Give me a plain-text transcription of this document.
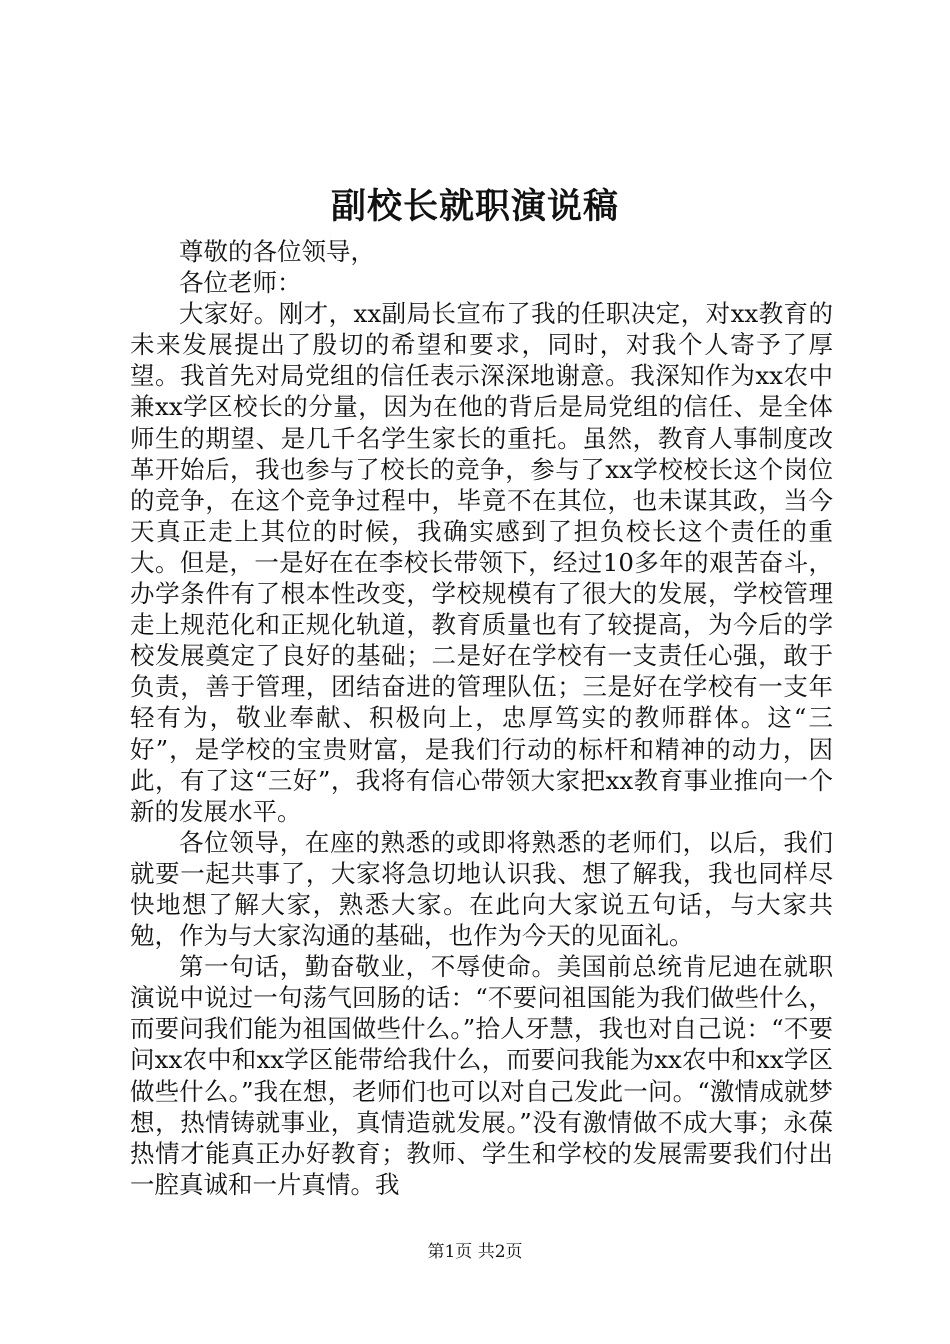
副校长就职演说稿

尊敬的各位领导，

各位老师：

大家好。刚才，xx副局长宣布了我的任职决定，对xx教育的未来发展提出了殷切的希望和要求，同时，对我个人寄予了厚望。我首先对局党组的信任表示深深地谢意。我深知作为xx农中兼xx学区校长的分量，因为在他的背后是局党组的信任、是全体师生的期望、是几千名学生家长的重托。虽然，教育人事制度改革开始后，我也参与了校长的竞争，参与了xx学校校长这个岗位的竞争，在这个竞争过程中，毕竟不在其位，也未谋其政，当今天真正走上其位的时候，我确实感到了担负校长这个责任的重大。但是，一是好在在李校长带领下，经过10多年的艰苦奋斗，办学条件有了根本性改变，学校规模有了很大的发展，学校管理走上规范化和正规化轨道，教育质量也有了较提高，为今后的学校发展奠定了良好的基础；二是好在学校有一支责任心强，敢于负责，善于管理，团结奋进的管理队伍；三是好在学校有一支年轻有为，敬业奉献、积极向上，忠厚笃实的教师群体。这“三好”，是学校的宝贵财富，是我们行动的标杆和精神的动力，因此，有了这“三好”，我将有信心带领大家把xx教育事业推向一个新的发展水平。

各位领导，在座的熟悉的或即将熟悉的老师们，以后，我们就要一起共事了，大家将急切地认识我、想了解我，我也同样尽快地想了解大家，熟悉大家。在此向大家说五句话，与大家共勉，作为与大家沟通的基础，也作为今天的见面礼。

第一句话，勤奋敬业，不辱使命。美国前总统肯尼迪在就职演说中说过一句荡气回肠的话：“不要问祖国能为我们做些什么，而要问我们能为祖国做些什么。”拾人牙慧，我也对自己说：“不要问xx农中和xx学区能带给我什么，而要问我能为xx农中和xx学区做些什么。”我在想，老师们也可以对自己发此一问。“激情成就梦想，热情铸就事业，真情造就发展。”没有激情做不成大事；永葆热情才能真正办好教育；教师、学生和学校的发展需要我们付出一腔真诚和一片真情。我

第1页 共2页
